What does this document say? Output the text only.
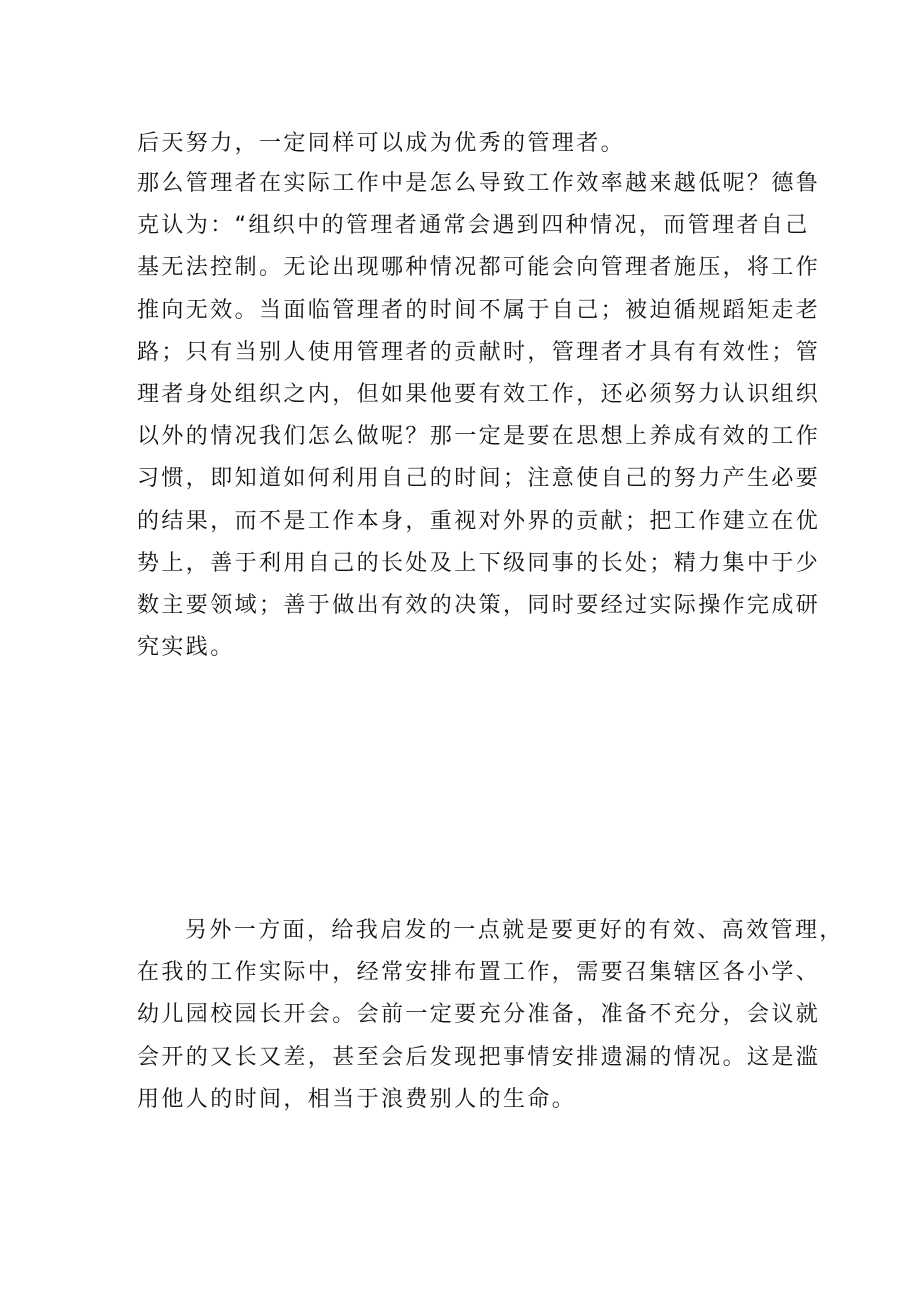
后天努力，一定同样可以成为优秀的管理者。
那么管理者在实际工作中是怎么导致工作效率越来越低呢？德鲁
克认为：“组织中的管理者通常会遇到四种情况，而管理者自己
基无法控制。无论出现哪种情况都可能会向管理者施压，将工作
推向无效。当面临管理者的时间不属于自己；被迫循规蹈矩走老
路；只有当别人使用管理者的贡献时，管理者才具有有效性；管
理者身处组织之内，但如果他要有效工作，还必须努力认识组织
以外的情况我们怎么做呢？那一定是要在思想上养成有效的工作
习惯，即知道如何利用自己的时间；注意使自己的努力产生必要
的结果，而不是工作本身，重视对外界的贡献；把工作建立在优
势上，善于利用自己的长处及上下级同事的长处；精力集中于少
数主要领域；善于做出有效的决策，同时要经过实际操作完成研
究实践。
另外一方面，给我启发的一点就是要更好的有效、高效管理，
在我的工作实际中，经常安排布置工作，需要召集辖区各小学、
幼儿园校园长开会。会前一定要充分准备，准备不充分，会议就
会开的又长又差，甚至会后发现把事情安排遗漏的情况。这是滥
用他人的时间，相当于浪费别人的生命。
